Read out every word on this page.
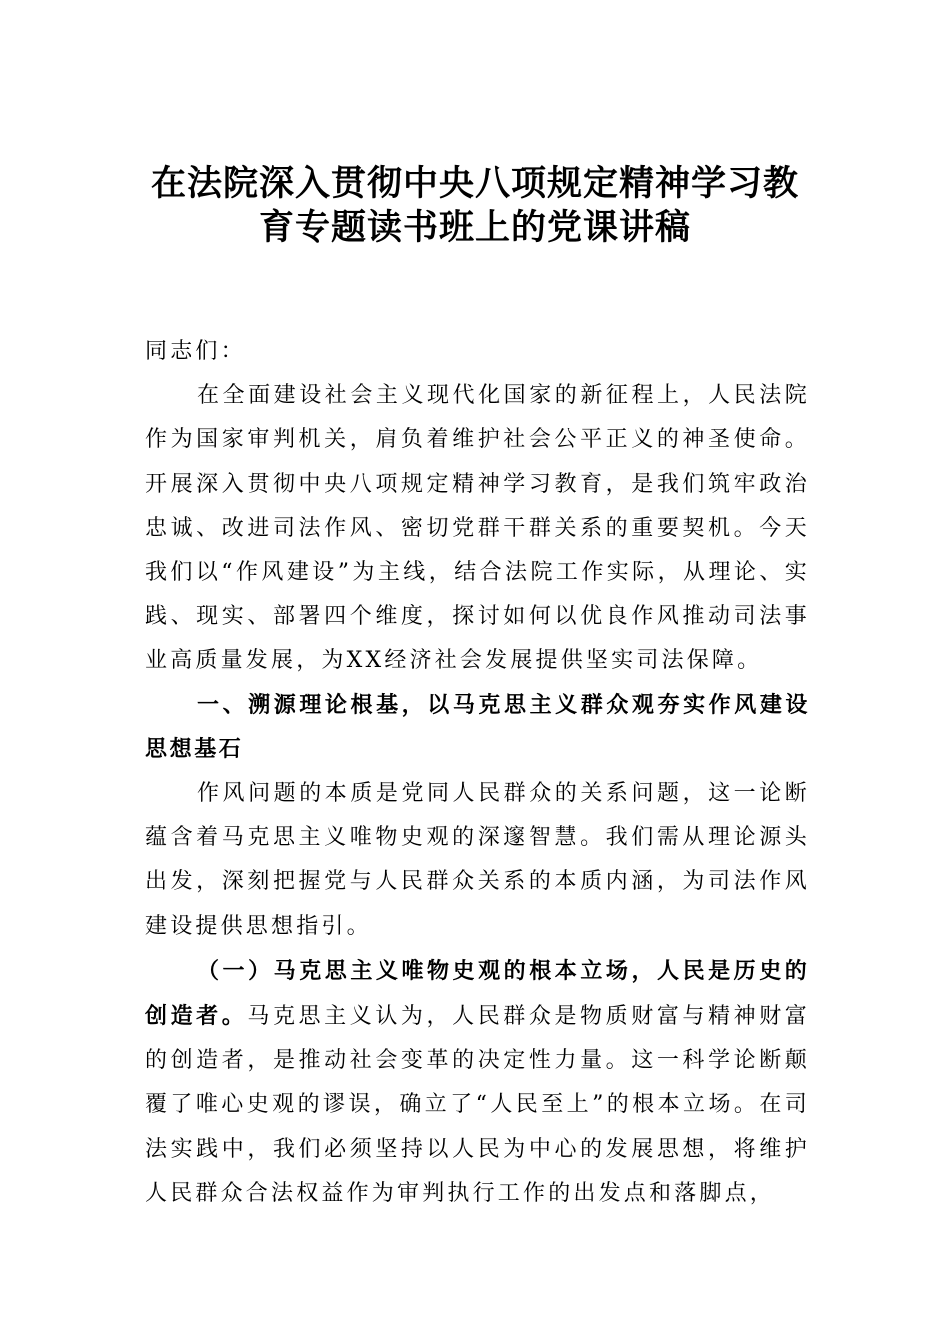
在法院深入贯彻中央八项规定精神学习教
育专题读书班上的党课讲稿

同志们：

在全面建设社会主义现代化国家的新征程上，人民法院作为国家审判机关，肩负着维护社会公平正义的神圣使命。开展深入贯彻中央八项规定精神学习教育，是我们筑牢政治忠诚、改进司法作风、密切党群干群关系的重要契机。今天我们以“作风建设”为主线，结合法院工作实际，从理论、实践、现实、部署四个维度，探讨如何以优良作风推动司法事业高质量发展，为XX经济社会发展提供坚实司法保障。

一、溯源理论根基，以马克思主义群众观夯实作风建设思想基石

作风问题的本质是党同人民群众的关系问题，这一论断蕴含着马克思主义唯物史观的深邃智慧。我们需从理论源头出发，深刻把握党与人民群众关系的本质内涵，为司法作风建设提供思想指引。

（一）马克思主义唯物史观的根本立场，人民是历史的创造者。马克思主义认为，人民群众是物质财富与精神财富的创造者，是推动社会变革的决定性力量。这一科学论断颠覆了唯心史观的谬误，确立了“人民至上”的根本立场。在司法实践中，我们必须坚持以人民为中心的发展思想，将维护人民群众合法权益作为审判执行工作的出发点和落脚点，
